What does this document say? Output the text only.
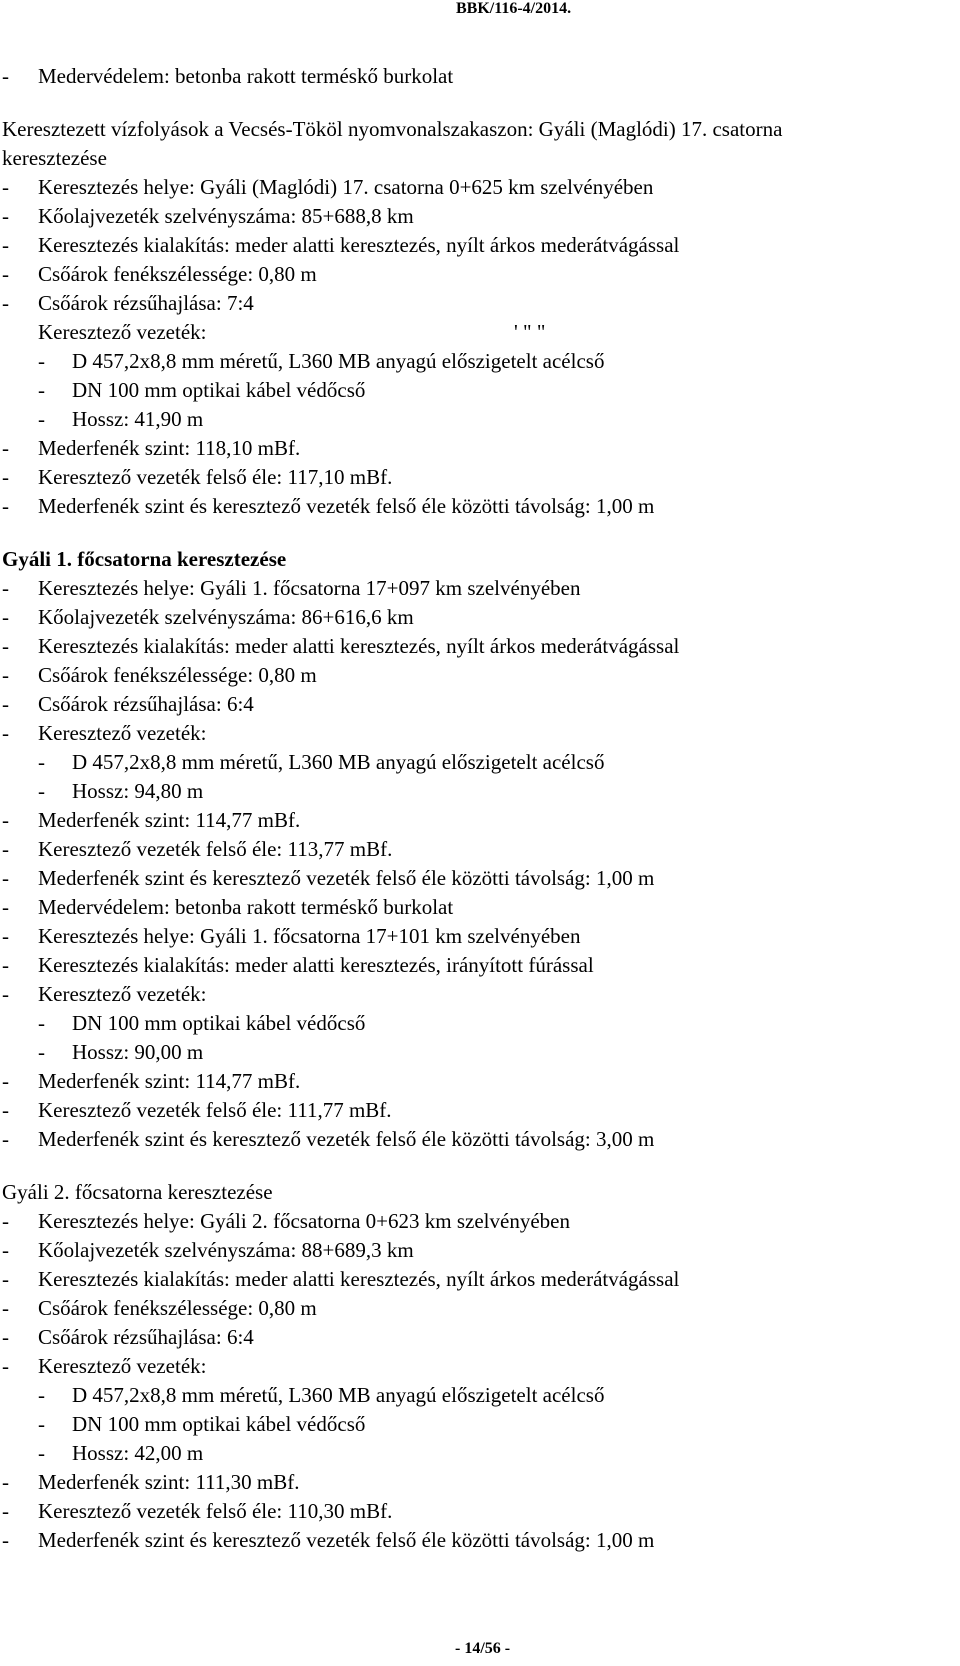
BBK/116-4/2014.
- Medervédelem: betonba rakott terméskő burkolat
Keresztezett vízfolyások a Vecsés-Tököl nyomvonalszakaszon: Gyáli (Maglódi) 17. csatorna
keresztezése
- Keresztezés helye: Gyáli (Maglódi) 17. csatorna 0+625 km szelvényében
- Kőolajvezeték szelvényszáma: 85+688,8 km
- Keresztezés kialakítás: meder alatti keresztezés, nyílt árkos mederátvágással
- Csőárok fenékszélessége: 0,80 m
- Csőárok rézsűhajlása: 7:4
Keresztező vezeték:	' " "
- D 457,2x8,8 mm méretű, L360 MB anyagú előszigetelt acélcső
- DN 100 mm optikai kábel védőcső
- Hossz: 41,90 m
- Mederfenék szint: 118,10 mBf.
- Keresztező vezeték felső éle: 117,10 mBf.
- Mederfenék szint és keresztező vezeték felső éle közötti távolság: 1,00 m
Gyáli 1. főcsatorna keresztezése
- Keresztezés helye: Gyáli 1. főcsatorna 17+097 km szelvényében
- Kőolajvezeték szelvényszáma: 86+616,6 km
- Keresztezés kialakítás: meder alatti keresztezés, nyílt árkos mederátvágással
- Csőárok fenékszélessége: 0,80 m
- Csőárok rézsűhajlása: 6:4
- Keresztező vezeték:
- D 457,2x8,8 mm méretű, L360 MB anyagú előszigetelt acélcső
- Hossz: 94,80 m
- Mederfenék szint: 114,77 mBf.
- Keresztező vezeték felső éle: 113,77 mBf.
- Mederfenék szint és keresztező vezeték felső éle közötti távolság: 1,00 m
- Medervédelem: betonba rakott terméskő burkolat
- Keresztezés helye: Gyáli 1. főcsatorna 17+101 km szelvényében
- Keresztezés kialakítás: meder alatti keresztezés, irányított fúrással
- Keresztező vezeték:
- DN 100 mm optikai kábel védőcső
- Hossz: 90,00 m
- Mederfenék szint: 114,77 mBf.
- Keresztező vezeték felső éle: 111,77 mBf.
- Mederfenék szint és keresztező vezeték felső éle közötti távolság: 3,00 m
Gyáli 2. főcsatorna keresztezése
- Keresztezés helye: Gyáli 2. főcsatorna 0+623 km szelvényében
- Kőolajvezeték szelvényszáma: 88+689,3 km
- Keresztezés kialakítás: meder alatti keresztezés, nyílt árkos mederátvágással
- Csőárok fenékszélessége: 0,80 m
- Csőárok rézsűhajlása: 6:4
- Keresztező vezeték:
- D 457,2x8,8 mm méretű, L360 MB anyagú előszigetelt acélcső
- DN 100 mm optikai kábel védőcső
- Hossz: 42,00 m
- Mederfenék szint: 111,30 mBf.
- Keresztező vezeték felső éle: 110,30 mBf.
- Mederfenék szint és keresztező vezeték felső éle közötti távolság: 1,00 m
- 14/56 -
